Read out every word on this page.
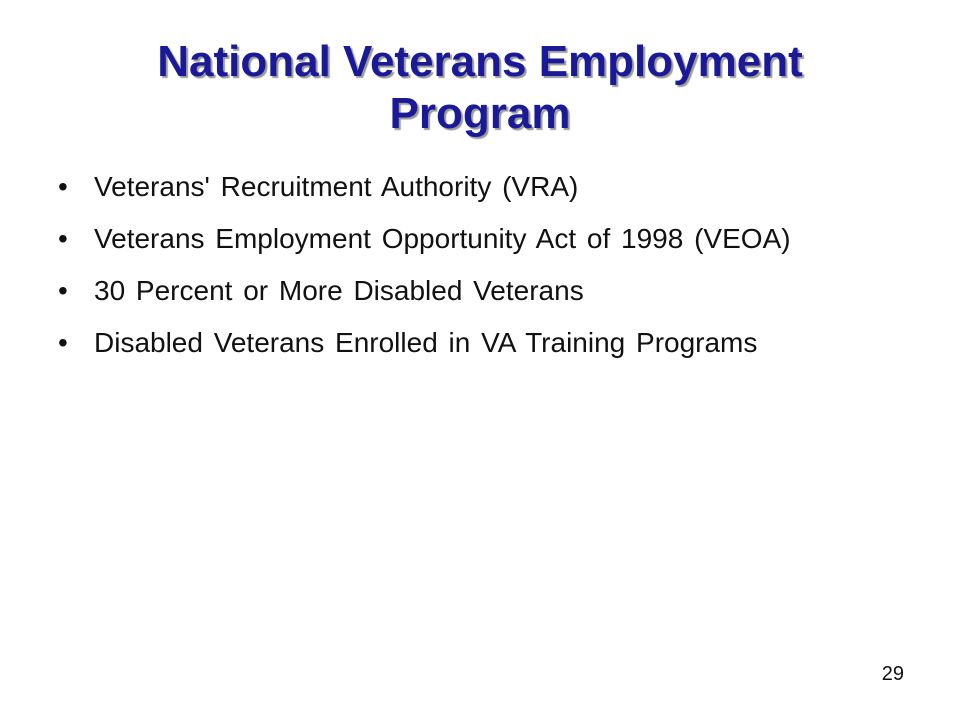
National Veterans Employment
Program
• Veterans' Recruitment Authority (VRA)
• Veterans Employment Opportunity Act of 1998 (VEOA)
• 30 Percent or More Disabled Veterans
• Disabled Veterans Enrolled in VA Training Programs
29
